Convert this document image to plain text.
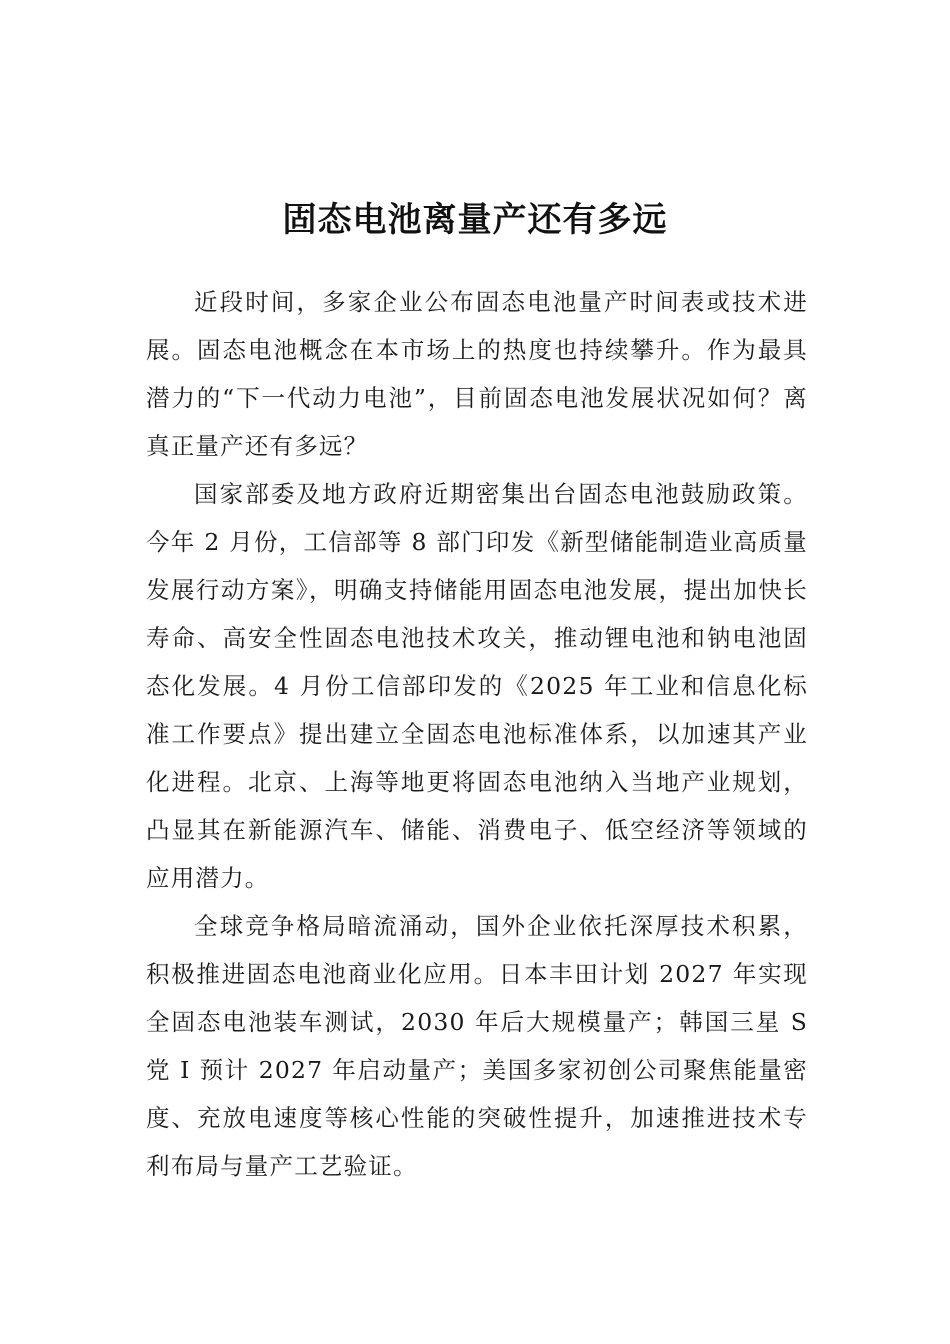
固态电池离量产还有多远

近段时间，多家企业公布固态电池量产时间表或技术进展。固态电池概念在本市场上的热度也持续攀升。作为最具潜力的“下一代动力电池”，目前固态电池发展状况如何？离真正量产还有多远？

国家部委及地方政府近期密集出台固态电池鼓励政策。今年 2 月份，工信部等 8 部门印发《新型储能制造业高质量发展行动方案》，明确支持储能用固态电池发展，提出加快长寿命、高安全性固态电池技术攻关，推动锂电池和钠电池固态化发展。4 月份工信部印发的《2025 年工业和信息化标准工作要点》提出建立全固态电池标准体系，以加速其产业化进程。北京、上海等地更将固态电池纳入当地产业规划，凸显其在新能源汽车、储能、消费电子、低空经济等领域的应用潜力。

全球竞争格局暗流涌动，国外企业依托深厚技术积累，积极推进固态电池商业化应用。日本丰田计划 2027 年实现全固态电池装车测试，2030 年后大规模量产；韩国三星 S 党 I 预计 2027 年启动量产；美国多家初创公司聚焦能量密度、充放电速度等核心性能的突破性提升，加速推进技术专利布局与量产工艺验证。
